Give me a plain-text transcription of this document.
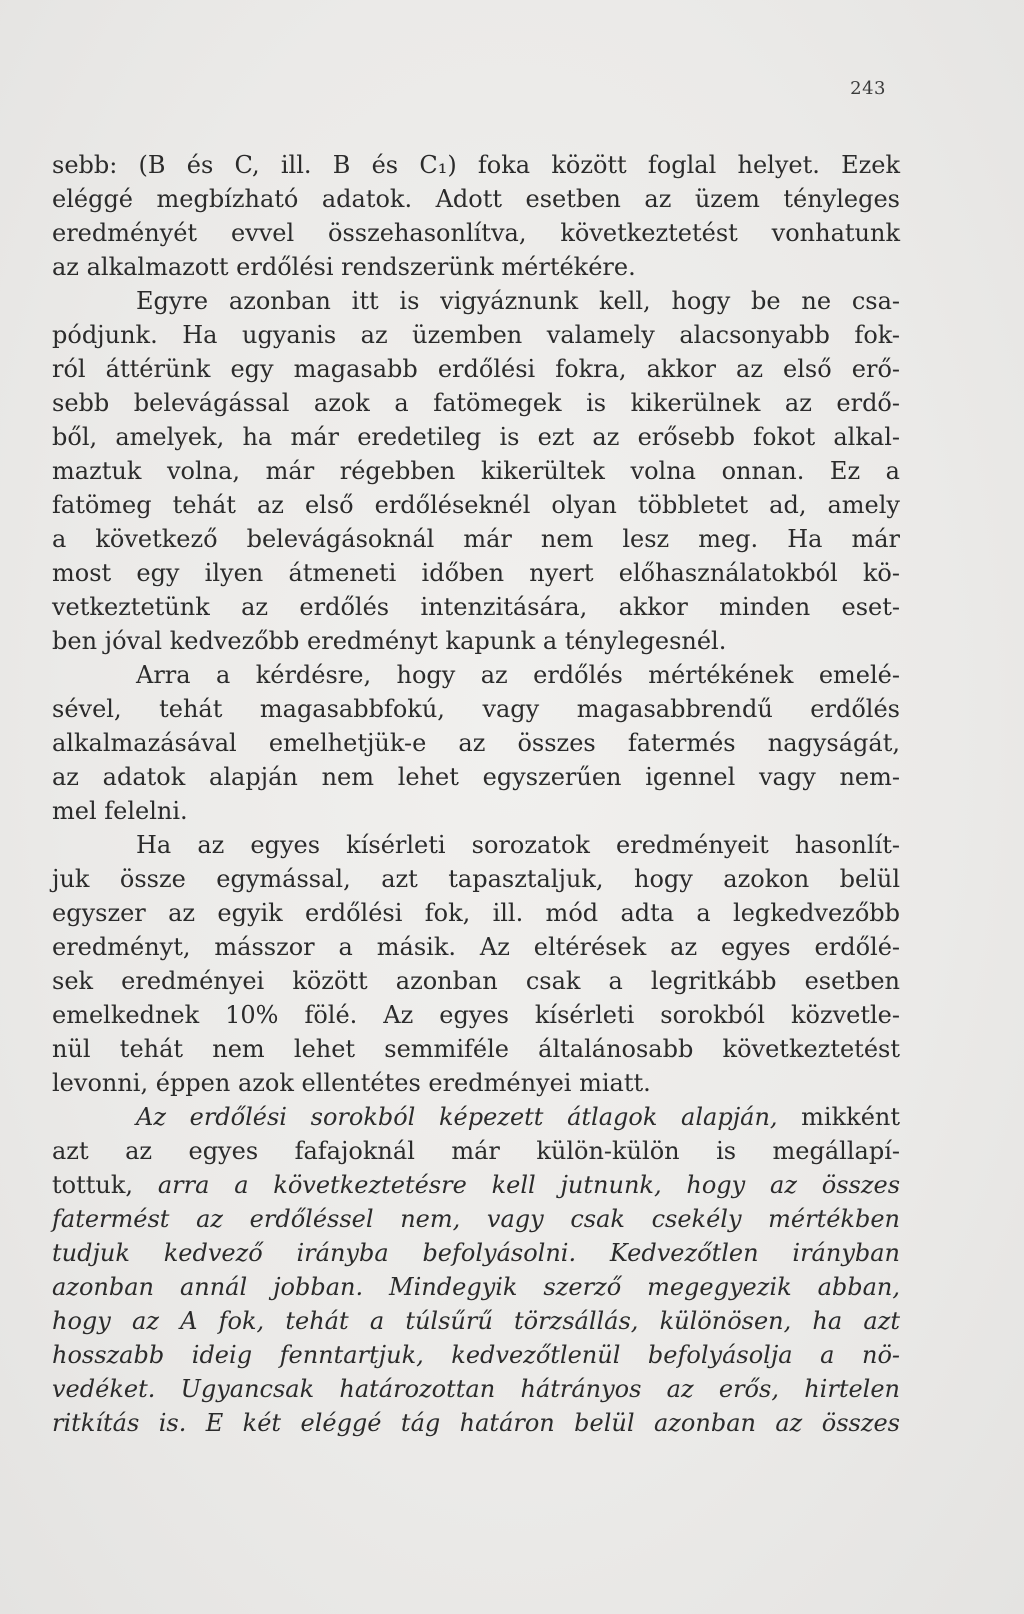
243
sebb: (B és C, ill. B és C₁) foka között foglal helyet. Ezek
eléggé megbízható adatok. Adott esetben az üzem tényleges
eredményét evvel összehasonlítva, következtetést vonhatunk
az alkalmazott erdőlési rendszerünk mértékére.
Egyre azonban itt is vigyáznunk kell, hogy be ne csa-
pódjunk. Ha ugyanis az üzemben valamely alacsonyabb fok-
ról áttérünk egy magasabb erdőlési fokra, akkor az első erő-
sebb belevágással azok a fatömegek is kikerülnek az erdő-
ből, amelyek, ha már eredetileg is ezt az erősebb fokot alkal-
maztuk volna, már régebben kikerültek volna onnan. Ez a
fatömeg tehát az első erdőléseknél olyan többletet ad, amely
a következő belevágásoknál már nem lesz meg. Ha már
most egy ilyen átmeneti időben nyert előhasználatokból kö-
vetkeztetünk az erdőlés intenzitására, akkor minden eset-
ben jóval kedvezőbb eredményt kapunk a ténylegesnél.
Arra a kérdésre, hogy az erdőlés mértékének emelé-
sével, tehát magasabbfokú, vagy magasabbrendű erdőlés
alkalmazásával emelhetjük-e az összes fatermés nagyságát,
az adatok alapján nem lehet egyszerűen igennel vagy nem-
mel felelni.
Ha az egyes kísérleti sorozatok eredményeit hasonlít-
juk össze egymással, azt tapasztaljuk, hogy azokon belül
egyszer az egyik erdőlési fok, ill. mód adta a legkedvezőbb
eredményt, másszor a másik. Az eltérések az egyes erdőlé-
sek eredményei között azonban csak a legritkább esetben
emelkednek 10% fölé. Az egyes kísérleti sorokból közvetle-
nül tehát nem lehet semmiféle általánosabb következtetést
levonni, éppen azok ellentétes eredményei miatt.
Az erdőlési sorokból képezett átlagok alapján, mikként
azt az egyes fafajoknál már külön-külön is megállapí-
tottuk, arra a következtetésre kell jutnunk, hogy az összes
fatermést az erdőléssel nem, vagy csak csekély mértékben
tudjuk kedvező irányba befolyásolni. Kedvezőtlen irányban
azonban annál jobban. Mindegyik szerző megegyezik abban,
hogy az A fok, tehát a túlsűrű törzsállás, különösen, ha azt
hosszabb ideig fenntartjuk, kedvezőtlenül befolyásolja a nö-
vedéket. Ugyancsak határozottan hátrányos az erős, hirtelen
ritkítás is. E két eléggé tág határon belül azonban az összes
